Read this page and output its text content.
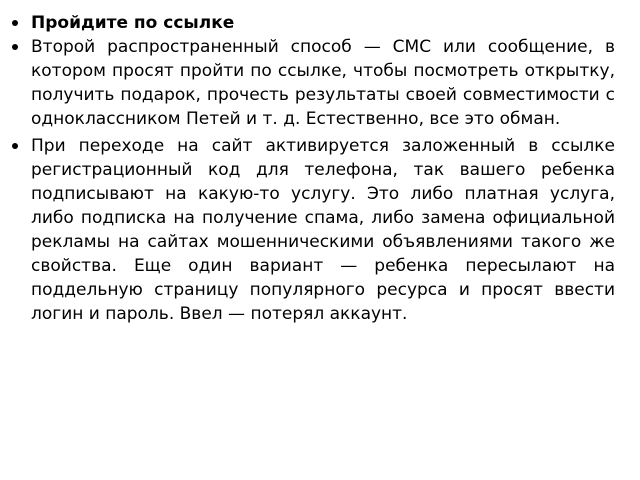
Пройдите по ссылке
Второй распространенный способ — СМС или сообщение, в котором просят пройти по ссылке, чтобы посмотреть открытку, получить подарок, прочесть результаты своей совместимости с одноклассником Петей и т. д. Естественно, все это обман.
При переходе на сайт активируется заложенный в ссылке регистрационный код для телефона, так вашего ребенка подписывают на какую-то услугу. Это либо платная услуга, либо подписка на получение спама, либо замена официальной рекламы на сайтах мошенническими объявлениями такого же свойства. Еще один вариант — ребенка пересылают на поддельную страницу популярного ресурса и просят ввести логин и пароль. Ввел — потерял аккаунт.
